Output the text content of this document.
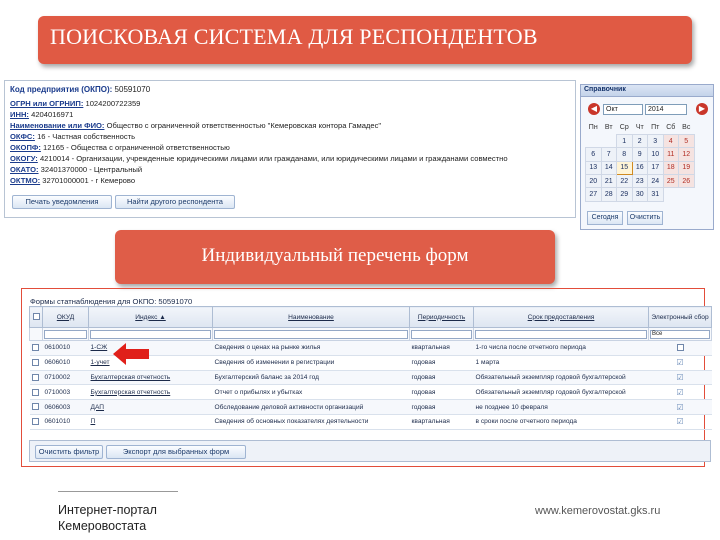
ПОИСКОВАЯ СИСТЕМА ДЛЯ РЕСПОНДЕНТОВ
Код предприятия (ОКПО): 50591070
ОГРН или ОГРНИП: 1024200722359
ИНН: 4204016971
Наименование или ФИО: Общество с ограниченной ответственностью "Кемеровская контора Гамадес"
ОКФС: 16 - Частная собственность
ОКОПФ: 12165 - Общества с ограниченной ответственностью
ОКОГУ: 4210014 - Организации, учрежденные юридическими лицами или гражданами, или юридическими лицами и гражданами совместно
ОКАТО: 32401370000 - Центральный
ОКТМО: 32701000001 - г Кемерово
Печать уведомления	Найти другого респондента
Справочник
◀	Окт	2014	▶
Пн	Вт	Ср	Чт	Пт	Сб	Вс
		1	2	3	4	5
6	7	8	9	10	11	12
13	14	15	16	17	18	19
20	21	22	23	24	25	26
27	28	29	30	31		
Сегодня	Очистить
Индивидуальный перечень форм
Формы статнаблюдения для ОКПО: 50591070
	ОКУД	Индекс ▲	Наименование	Периодичность	Срок предоставления	Электронный сбор

						Все

	0610010	1-СЖ	Сведения о ценах на рынке жилья	квартальная	1-го числа после отчетного периода	
	0606010	1-учет	Сведения об изменении в регистрации	годовая	1 марта	☑
	0710002	Бухгалтерская отчетность	Бухгалтерский баланс за 2014 год	годовая	Обязательный экземпляр годовой бухгалтерской	☑
	0710003	Бухгалтерская отчетность	Отчет о прибылях и убытках	годовая	Обязательный экземпляр годовой бухгалтерской	☑
	0606003	ДАП	Обследование деловой активности организаций	годовая	не позднее 10 февраля	☑
	0601010	П	Сведения об основных показателях деятельности	квартальная	в сроки после отчетного периода	☑
Очистить фильтр	Экспорт для выбранных форм
Интернет-портал
Кемеровостата
www.kemerovostat.gks.ru
